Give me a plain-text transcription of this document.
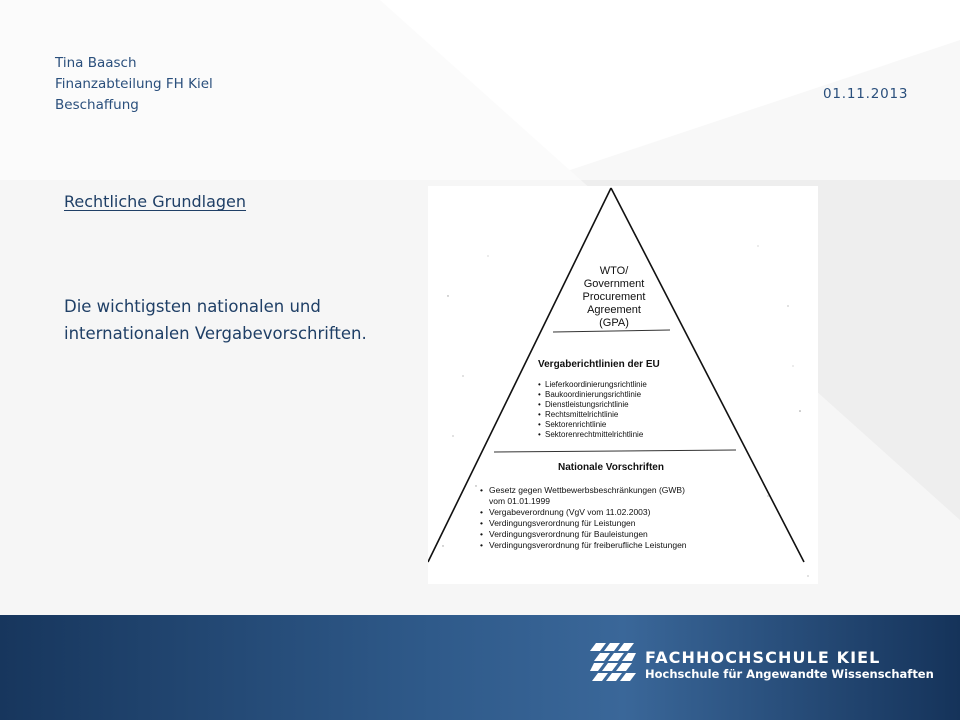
Tina Baasch
Finanzabteilung FH Kiel
Beschaffung
01.11.2013
Rechtliche Grundlagen
Die wichtigsten nationalen und
internationalen Vergabevorschriften.
WTO/
Government
Procurement
Agreement
(GPA)
Vergaberichtlinien der EU
• Lieferkoordinierungsrichtlinie
• Baukoordinierungsrichtlinie
• Dienstleistungsrichtlinie
• Rechtsmittelrichtlinie
• Sektorenrichtlinie
• Sektorenrechtmittelrichtlinie
Nationale Vorschriften
• Gesetz gegen Wettbewerbsbeschränkungen (GWB)
vom 01.01.1999
• Vergabeverordnung (VgV vom 11.02.2003)
• Verdingungsverordnung für Leistungen
• Verdingungsverordnung für Bauleistungen
• Verdingungsverordnung für freiberufliche Leistungen
FACHHOCHSCHULE KIEL
Hochschule für Angewandte Wissenschaften
